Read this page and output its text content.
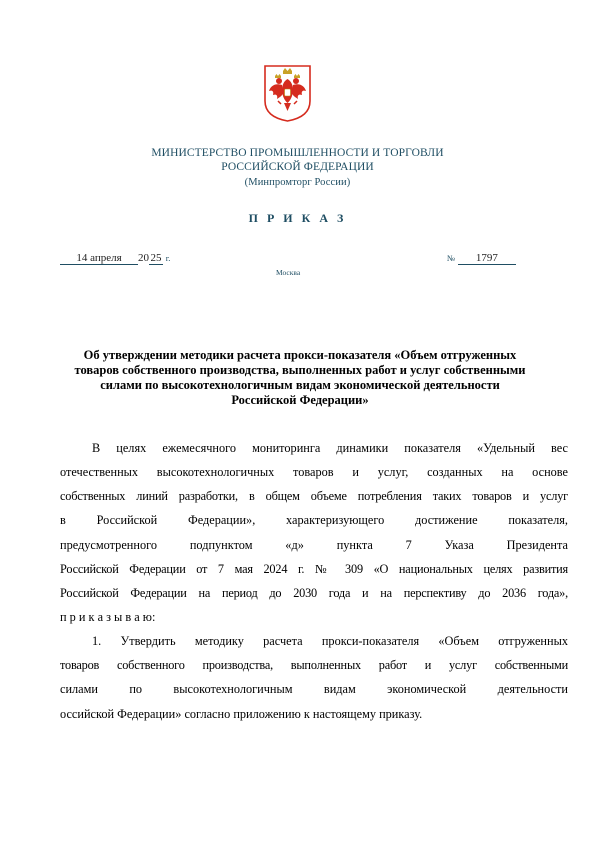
МИНИСТЕРСТВО ПРОМЫШЛЕННОСТИ И ТОРГОВЛИ
РОССИЙСКОЙ ФЕДЕРАЦИИ
(Минпромторг России)
П Р И К А З
14 апреля 20 25 г.	№ 1797
Москва
Об утверждении методики расчета прокси-показателя «Объем отгруженных
товаров собственного производства, выполненных работ и услуг собственными
силами по высокотехнологичным видам экономической деятельности
Российской Федерации»
В целях ежемесячного мониторинга динамики показателя «Удельный вес
отечественных высокотехнологичных товаров и услуг, созданных на основе
собственных линий разработки, в общем объеме потребления таких товаров и услуг
в Российской Федерации», характеризующего достижение показателя,
предусмотренного подпунктом «д» пункта 7 Указа Президента
Российской Федерации от 7 мая 2024 г. № 309 «О национальных целях развития
Российской Федерации на период до 2030 года и на перспективу до 2036 года»,
п р и к а з ы в а ю:
1. Утвердить методику расчета прокси-показателя «Объем отгруженных
товаров собственного производства, выполненных работ и услуг собственными
силами по высокотехнологичным видам экономической деятельности
оссийской Федерации» согласно приложению к настоящему приказу.
